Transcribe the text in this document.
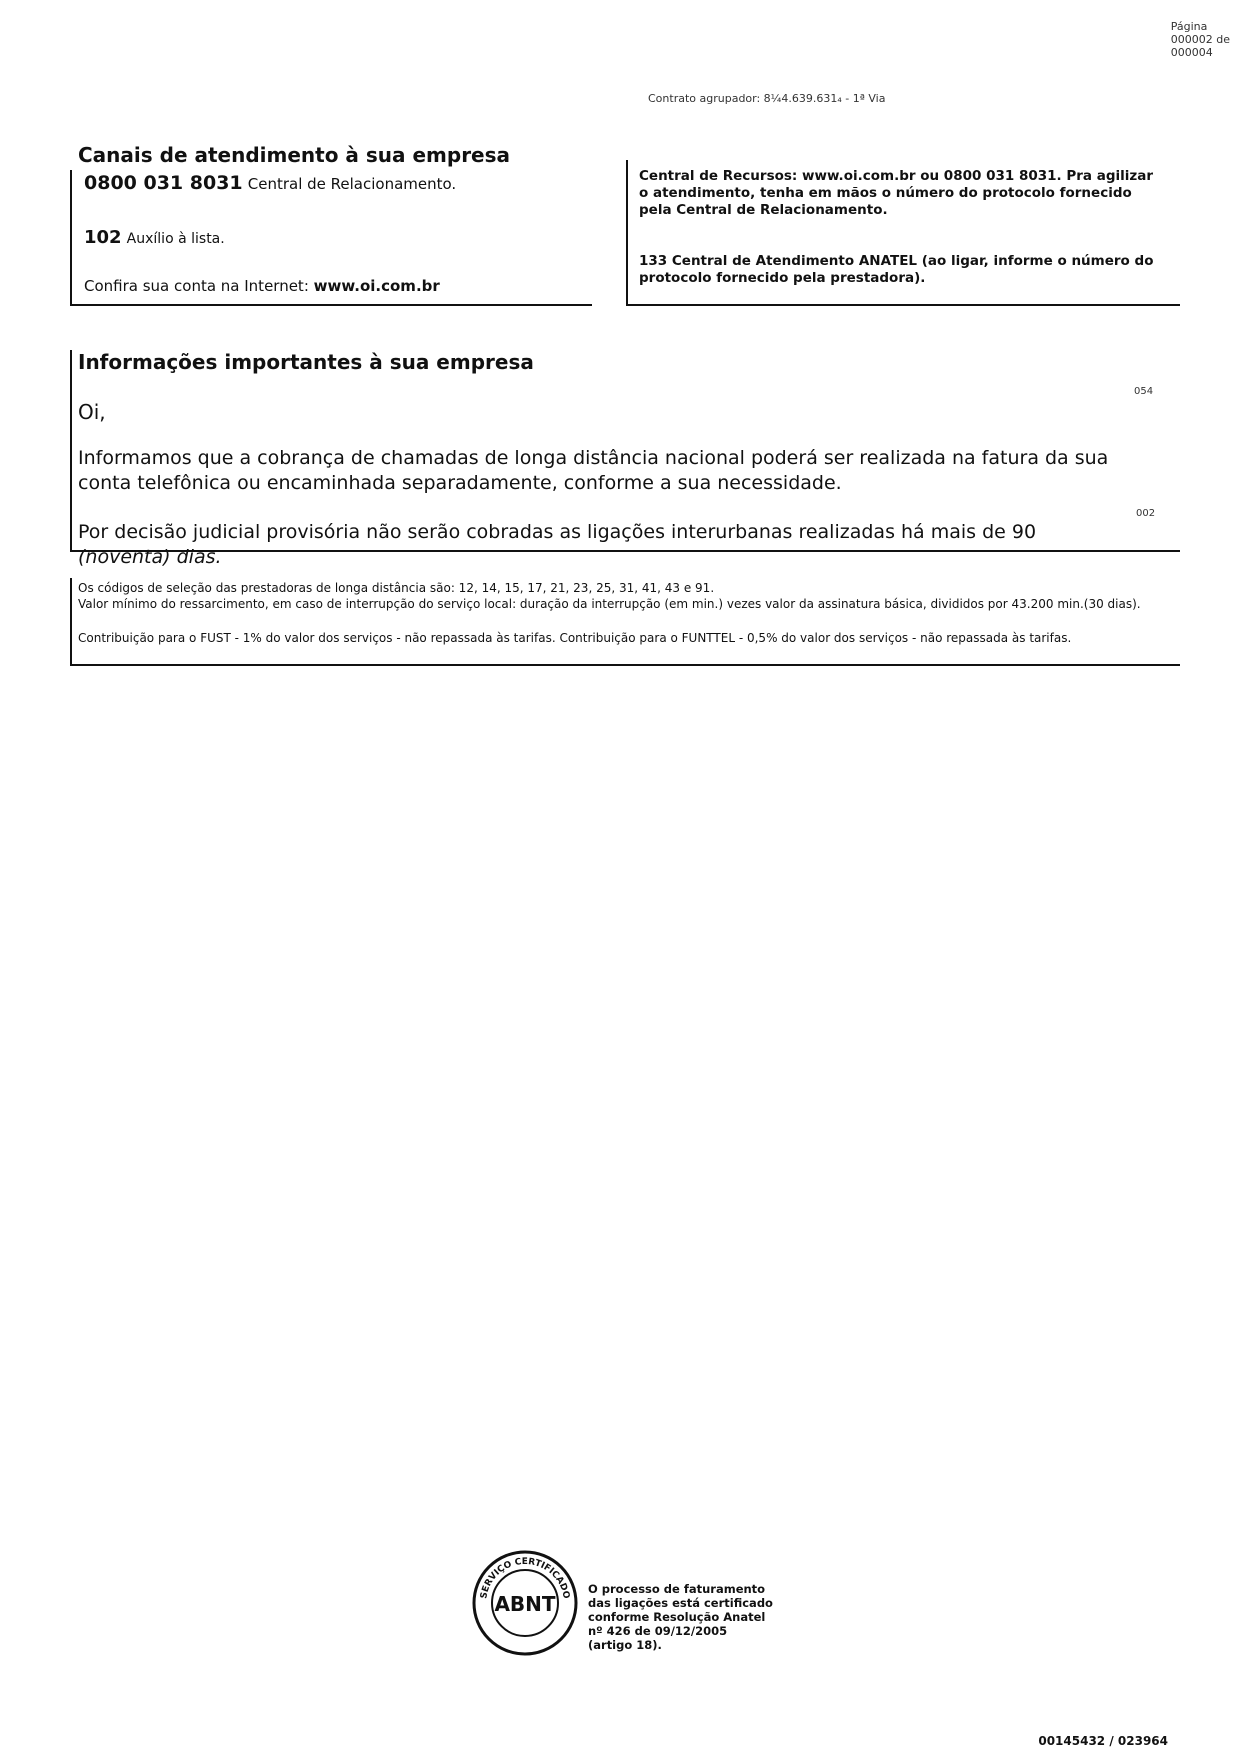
Página
000002 de
000004
Contrato agrupador: 8¼4.639.631₄ - 1ª Via
Canais de atendimento à sua empresa
0800 031 8031 Central de Relacionamento.
102 Auxílio à lista.
Confira sua conta na Internet: www.oi.com.br
Central de Recursos: www.oi.com.br ou 0800 031 8031. Pra agilizar o atendimento, tenha em mãos o número do protocolo fornecido pela Central de Relacionamento.
133 Central de Atendimento ANATEL (ao ligar, informe o número do protocolo fornecido pela prestadora).
Informações importantes à sua empresa
054
Oi,
Informamos que a cobrança de chamadas de longa distância nacional poderá ser realizada na fatura da sua conta telefônica ou encaminhada separadamente, conforme a sua necessidade.
002
Por decisão judicial provisória não serão cobradas as ligações interurbanas realizadas há mais de 90 (noventa) dias.
Os códigos de seleção das prestadoras de longa distância são: 12, 14, 15, 17, 21, 23, 25, 31, 41, 43 e 91.
Valor mínimo do ressarcimento, em caso de interrupção do serviço local: duração da interrupção (em min.) vezes valor da assinatura básica, divididos por 43.200 min.(30 dias).
Contribuição para o FUST - 1% do valor dos serviços - não repassada às tarifas. Contribuição para o FUNTTEL - 0,5% do valor dos serviços - não repassada às tarifas.
SERVIÇO CERTIFICADO
ABNT
O processo de faturamento
das ligações está certificado
conforme Resolução Anatel
nº 426 de 09/12/2005
(artigo 18).
00145432 / 023964
